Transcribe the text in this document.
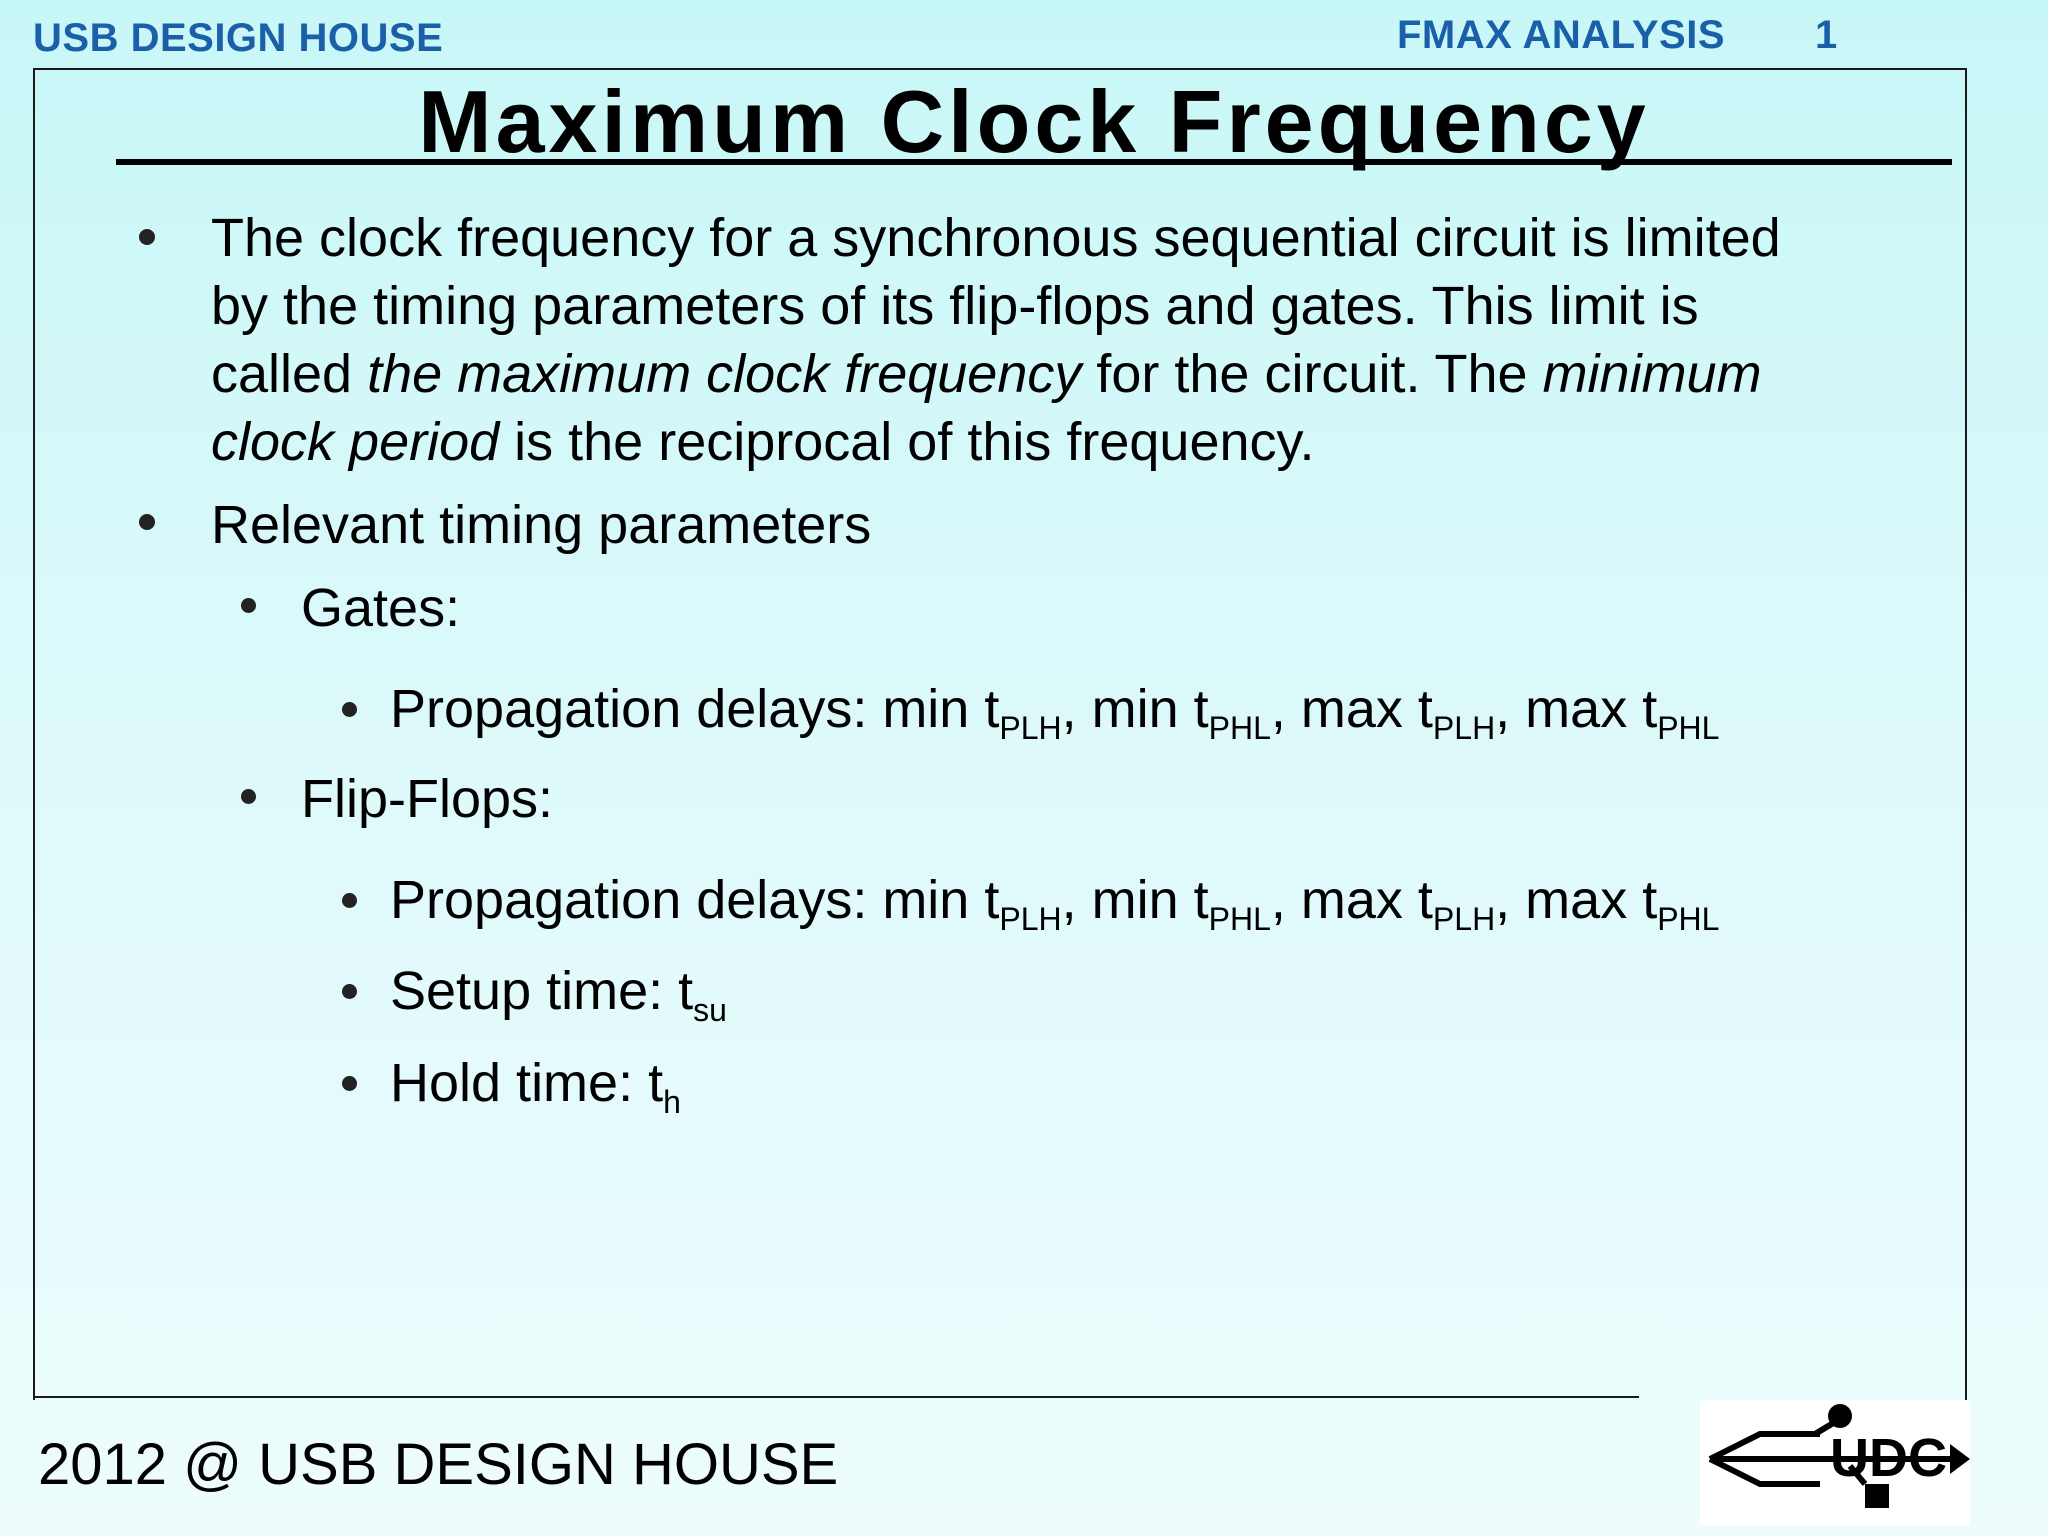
USB DESIGN HOUSE	FMAX ANALYSIS 1
Maximum Clock Frequency
The clock frequency for a synchronous sequential circuit is limited
by the timing parameters of its flip-flops and gates. This limit is
called the maximum clock frequency for the circuit. The minimum
clock period is the reciprocal of this frequency.
Relevant timing parameters
Gates:
Propagation delays: $\min t_{PLH}$, $\min t_{PHL}$, $\max t_{PLH}$, $\max t_{PHL}$
Flip-Flops:
Propagation delays: $\min t_{PLH}$, $\min t_{PHL}$, $\max t_{PLH}$, $\max t_{PHL}$
Setup time: $t_{su}$
Hold time: $t_h$
2012 @ USB DESIGN HOUSE	UDC
